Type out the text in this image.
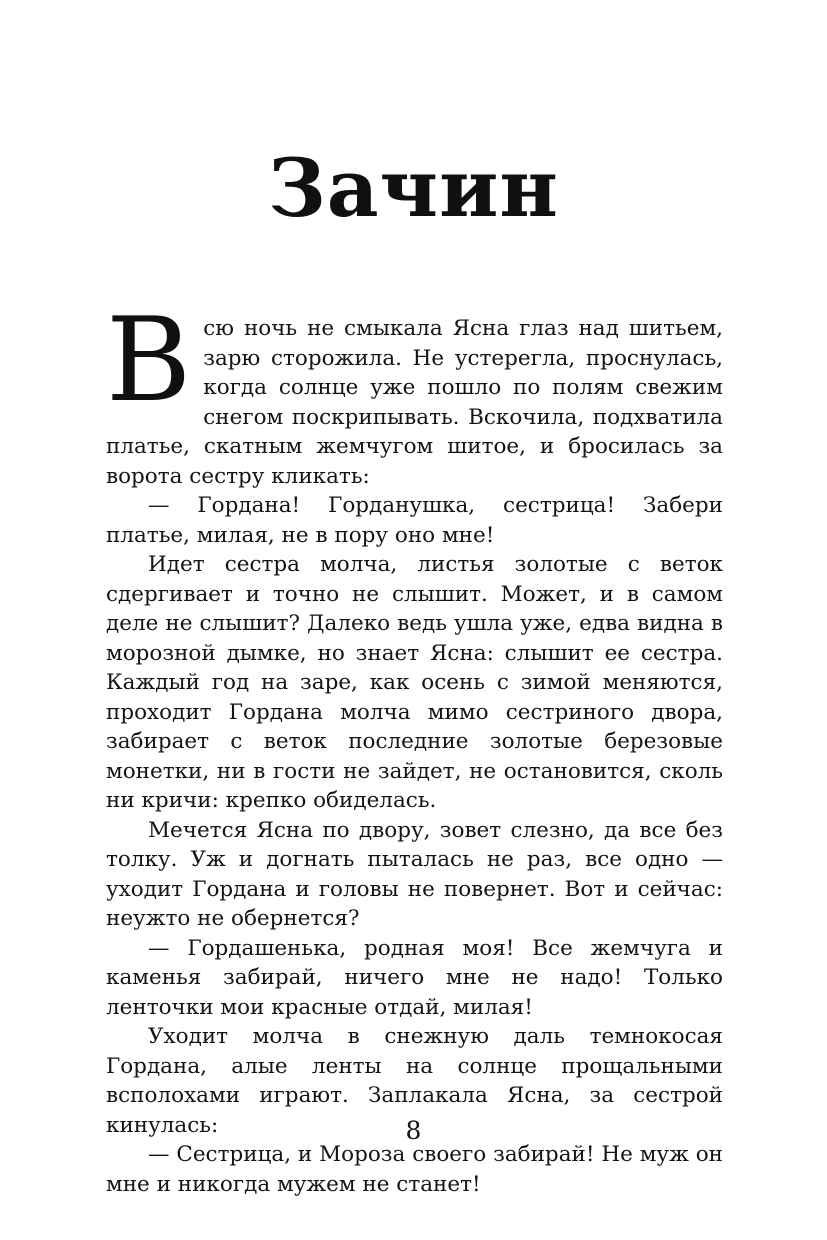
Зачин

Всю ночь не смыкала Ясна глаз над шитьем, зарю сторожила. Не устерегла, проснулась, когда солнце уже пошло по полям свежим снегом поскрипывать. Вскочила, подхватила платье, скатным жемчугом шитое, и бросилась за ворота сестру кликать:

— Гордана! Горданушка, сестрица! Забери платье, милая, не в пору оно мне!

Идет сестра молча, листья золотые с веток сдергивает и точно не слышит. Может, и в самом деле не слышит? Далеко ведь ушла уже, едва видна в морозной дымке, но знает Ясна: слышит ее сестра. Каждый год на заре, как осень с зимой меняются, проходит Гордана молча мимо сестриного двора, забирает с веток последние золотые березовые монетки, ни в гости не зайдет, не остановится, сколь ни кричи: крепко обиделась.

Мечется Ясна по двору, зовет слезно, да все без толку. Уж и догнать пыталась не раз, все одно — уходит Гордана и головы не повернет. Вот и сейчас: неужто не обернется?

— Гордашенька, родная моя! Все жемчуга и каменья забирай, ничего мне не надо! Только ленточки мои красные отдай, милая!

Уходит молча в снежную даль темнокосая Гордана, алые ленты на солнце прощальными всполохами играют. Заплакала Ясна, за сестрой кинулась:

— Сестрица, и Мороза своего забирай! Не муж он мне и никогда мужем не станет!

8
